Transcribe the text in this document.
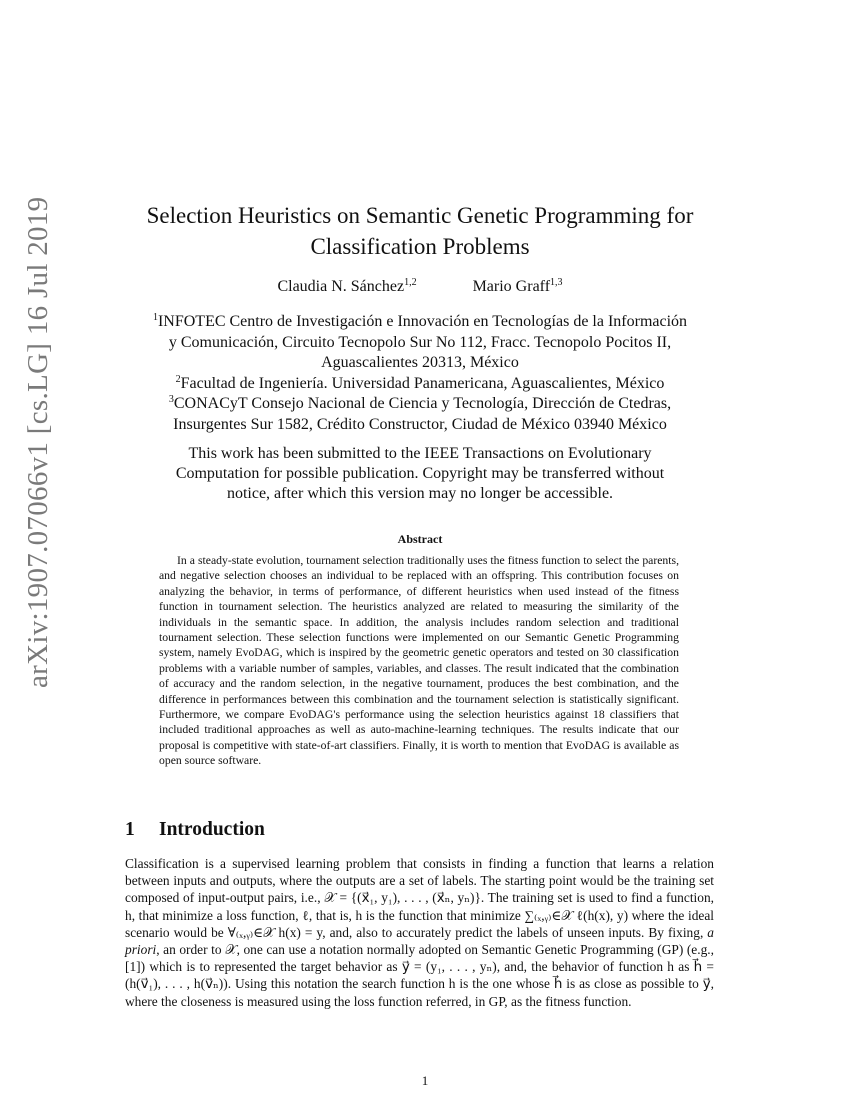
arXiv:1907.07066v1 [cs.LG] 16 Jul 2019	Selection Heuristics on Semantic Genetic Programming for
Classification Problems
Claudia N. Sánchez$^{1,2}$	Mario Graff$^{1,3}$
$^1$INFOTEC Centro de Investigación e Innovación en Tecnologías de la Información
y Comunicación, Circuito Tecnopolo Sur No 112, Fracc. Tecnopolo Pocitos II,
Aguascalientes 20313, México
$^2$Facultad de Ingeniería. Universidad Panamericana, Aguascalientes, México
$^3$CONACyT Consejo Nacional de Ciencia y Tecnología, Dirección de Ctedras,
Insurgentes Sur 1582, Crédito Constructor, Ciudad de México 03940 México
This work has been submitted to the IEEE Transactions on Evolutionary
Computation for possible publication. Copyright may be transferred without
notice, after which this version may no longer be accessible.
Abstract

In a steady-state evolution, tournament selection traditionally uses the fitness function to select the parents, and negative selection chooses an individual to be replaced with an offspring. This contribution focuses on analyzing the behavior, in terms of performance, of different heuristics when used instead of the fitness function in tournament selection. The heuristics analyzed are related to measuring the similarity of the individuals in the semantic space. In addition, the analysis includes random selection and traditional tournament selection. These selection functions were implemented on our Semantic Genetic Programming system, namely EvoDAG, which is inspired by the geometric genetic operators and tested on 30 classification problems with a variable number of samples, variables, and classes. The result indicated that the combination of accuracy and the random selection, in the negative tournament, produces the best combination, and the difference in performances between this combination and the tournament selection is statistically significant. Furthermore, we compare EvoDAG's performance using the selection heuristics against 18 classifiers that included traditional approaches as well as auto-machine-learning techniques. The results indicate that our proposal is competitive with state-of-art classifiers. Finally, it is worth to mention that EvoDAG is available as open source software.

1 Introduction

Classification is a supervised learning problem that consists in finding a function that learns a relation between inputs and outputs, where the outputs are a set of labels. The starting point would be the training set composed of input-output pairs, i.e., 𝒳 = {(x⃗₁, y₁), . . . , (x⃗ₙ, yₙ)}. The training set is used to find a function, h, that minimize a loss function, ℓ, that is, h is the function that minimize ∑₍ₓ,ᵧ₎∈𝒳 ℓ(h(x), y) where the ideal scenario would be ∀₍ₓ,ᵧ₎∈𝒳 h(x) = y, and, also to accurately predict the labels of unseen inputs. By fixing, a priori, an order to 𝒳, one can use a notation normally adopted on Semantic Genetic Programming (GP) (e.g., [1]) which is to represented the target behavior as y⃗ = (y₁, . . . , yₙ), and, the behavior of function h as h⃗ = (h(v⃗₁), . . . , h(v⃗ₙ)). Using this notation the search function h is the one whose h⃗ is as close as possible to y⃗, where the closeness is measured using the loss function referred, in GP, as the fitness function.

1
